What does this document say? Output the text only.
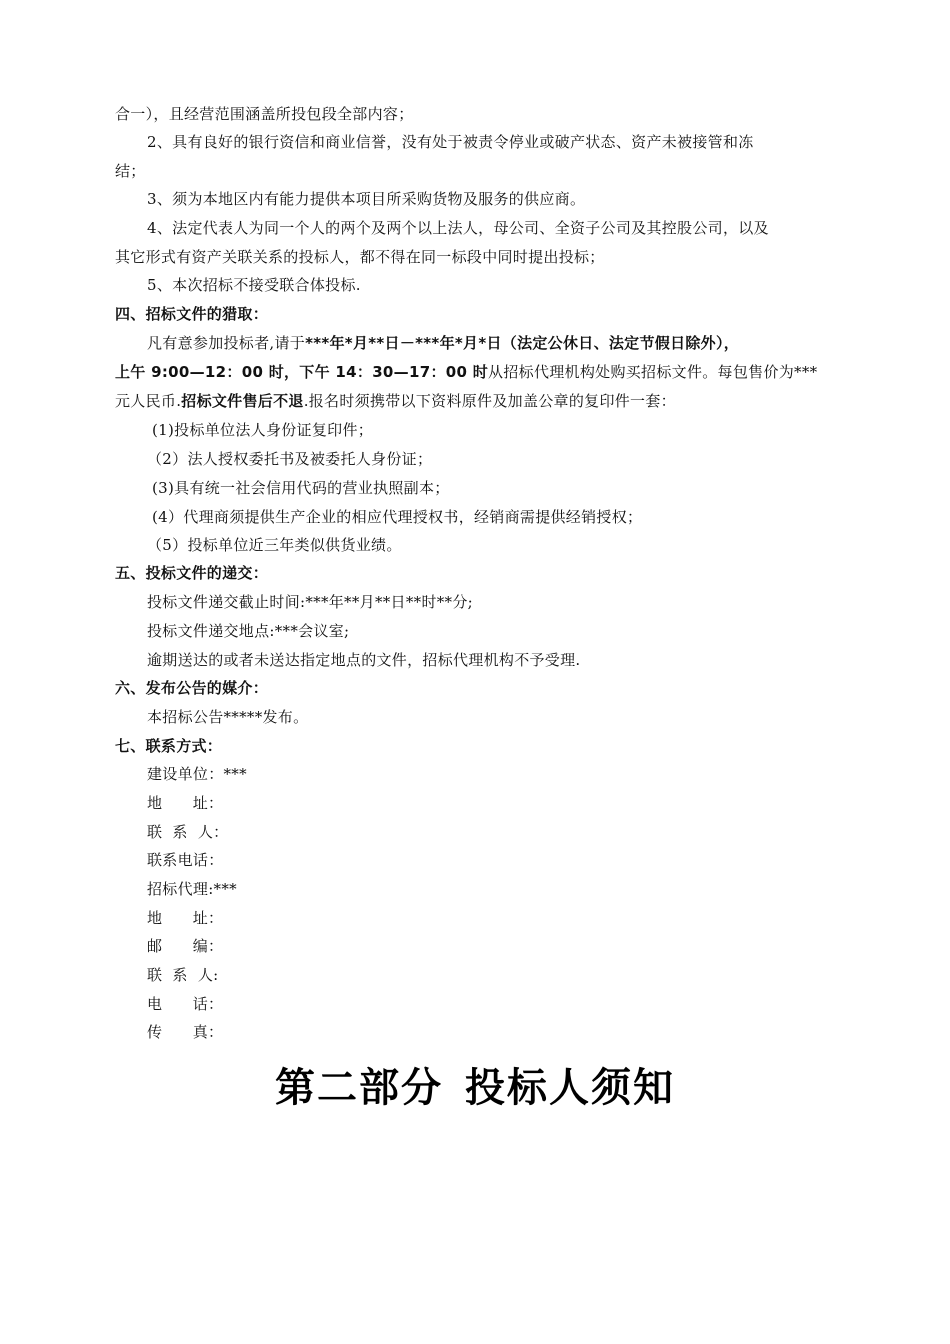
合一），且经营范围涵盖所投包段全部内容；
2、具有良好的银行资信和商业信誉，没有处于被责令停业或破产状态、资产未被接管和冻
结；
3、须为本地区内有能力提供本项目所采购货物及服务的供应商。
4、法定代表人为同一个人的两个及两个以上法人，母公司、全资子公司及其控股公司，以及
其它形式有资产关联关系的投标人，都不得在同一标段中同时提出投标；
5、本次招标不接受联合体投标.
四、招标文件的猎取：
凡有意参加投标者,请于***年*月**日－***年*月*日（法定公休日、法定节假日除外），
上午 9:00—12：00 时，下午 14：30—17：00 时从招标代理机构处购买招标文件。每包售价为***
元人民币.招标文件售后不退.报名时须携带以下资料原件及加盖公章的复印件一套：
(1)投标单位法人身份证复印件；
（2）法人授权委托书及被委托人身份证；
(3)具有统一社会信用代码的营业执照副本；
(4）代理商须提供生产企业的相应代理授权书，经销商需提供经销授权；
（5）投标单位近三年类似供货业绩。
五、投标文件的递交：
投标文件递交截止时间:***年**月**日**时**分;
投标文件递交地点:***会议室;
逾期送达的或者未送达指定地点的文件，招标代理机构不予受理.
六、发布公告的媒介：
本招标公告*****发布。
七、联系方式：
建设单位：***
地      址：
联  系  人：
联系电话：
招标代理:***
地      址：
邮      编：
联  系  人:
电      话：
传      真：
第二部分 投标人须知
